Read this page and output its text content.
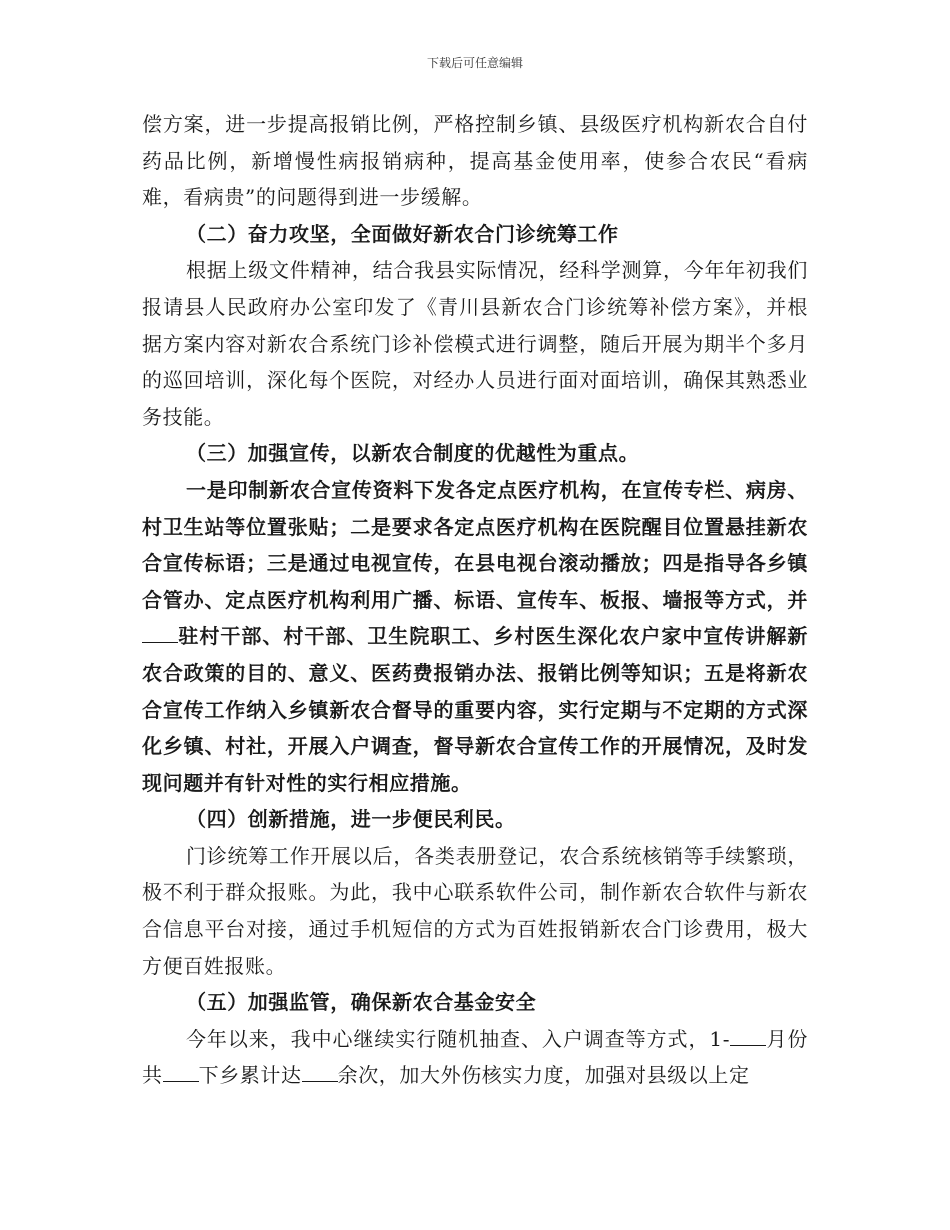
下载后可任意编辑

偿方案，进一步提高报销比例，严格控制乡镇、县级医疗机构新农合自付药品比例，新增慢性病报销病种，提高基金使用率，使参合农民“看病难，看病贵”的问题得到进一步缓解。

（二）奋力攻坚，全面做好新农合门诊统筹工作

根据上级文件精神，结合我县实际情况，经科学测算，今年年初我们报请县人民政府办公室印发了《青川县新农合门诊统筹补偿方案》，并根据方案内容对新农合系统门诊补偿模式进行调整，随后开展为期半个多月的巡回培训，深化每个医院，对经办人员进行面对面培训，确保其熟悉业务技能。

（三）加强宣传，以新农合制度的优越性为重点。

一是印制新农合宣传资料下发各定点医疗机构，在宣传专栏、病房、村卫生站等位置张贴；二是要求各定点医疗机构在医院醒目位置悬挂新农合宣传标语；三是通过电视宣传，在县电视台滚动播放；四是指导各乡镇合管办、定点医疗机构利用广播、标语、宣传车、板报、墙报等方式，并驻村干部、村干部、卫生院职工、乡村医生深化农户家中宣传讲解新农合政策的目的、意义、医药费报销办法、报销比例等知识；五是将新农合宣传工作纳入乡镇新农合督导的重要内容，实行定期与不定期的方式深化乡镇、村社，开展入户调查，督导新农合宣传工作的开展情况，及时发现问题并有针对性的实行相应措施。

（四）创新措施，进一步便民利民。

门诊统筹工作开展以后，各类表册登记，农合系统核销等手续繁琐，极不利于群众报账。为此，我中心联系软件公司，制作新农合软件与新农合信息平台对接，通过手机短信的方式为百姓报销新农合门诊费用，极大方便百姓报账。

（五）加强监管，确保新农合基金安全

今年以来，我中心继续实行随机抽查、入户调查等方式，1- 月份共 下乡累计达 余次，加大外伤核实力度，加强对县级以上定
